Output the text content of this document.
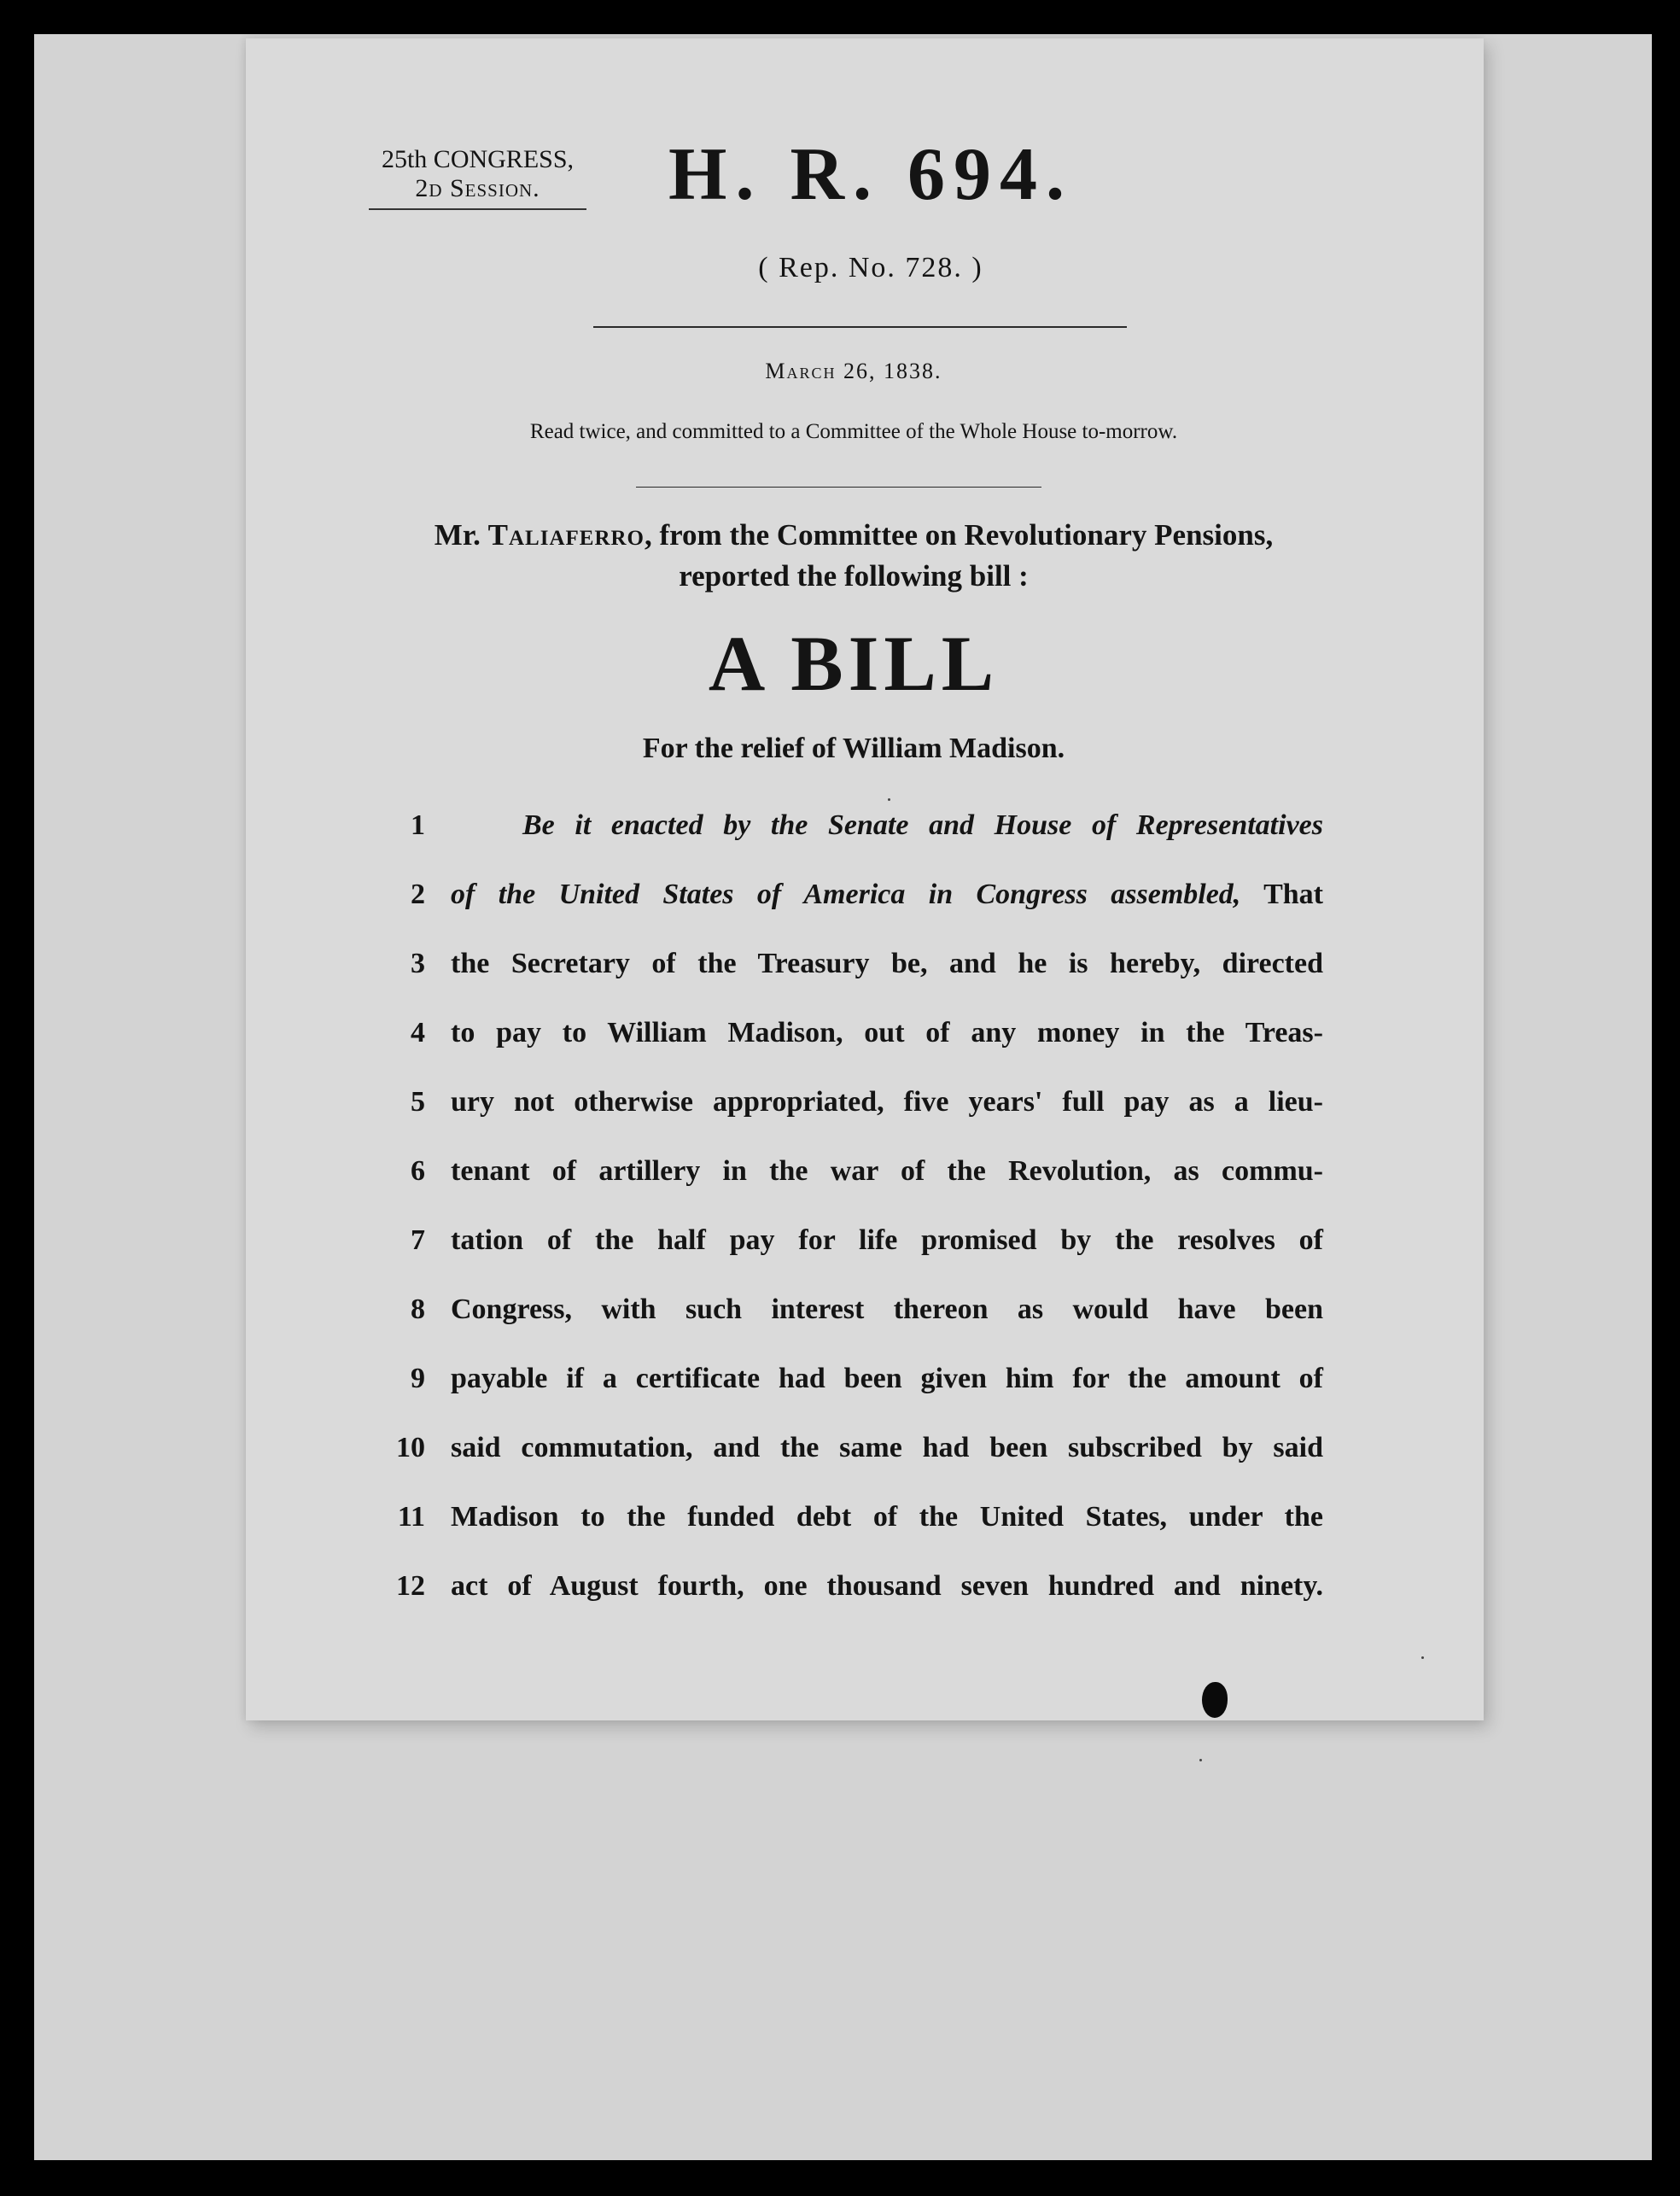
25th CONGRESS,
2d Session.	H. R. 694.
( Rep. No. 728. )
March 26, 1838.
Read twice, and committed to a Committee of the Whole House to-morrow.
Mr. Taliaferro, from the Committee on Revolutionary Pensions,
reported the following bill :
A BILL
For the relief of William Madison.
1	Be it enacted by the Senate and House of Representatives
2 of the United States of America in Congress assembled, That
3 the Secretary of the Treasury be, and he is hereby, directed
4 to pay to William Madison, out of any money in the Treas-
5 ury not otherwise appropriated, five years' full pay as a lieu-
6 tenant of artillery in the war of the Revolution, as commu-
7 tation of the half pay for life promised by the resolves of
8 Congress, with such interest thereon as would have been
9 payable if a certificate had been given him for the amount of
10 said commutation, and the same had been subscribed by said
11 Madison to the funded debt of the United States, under the
12 act of August fourth, one thousand seven hundred and ninety.
